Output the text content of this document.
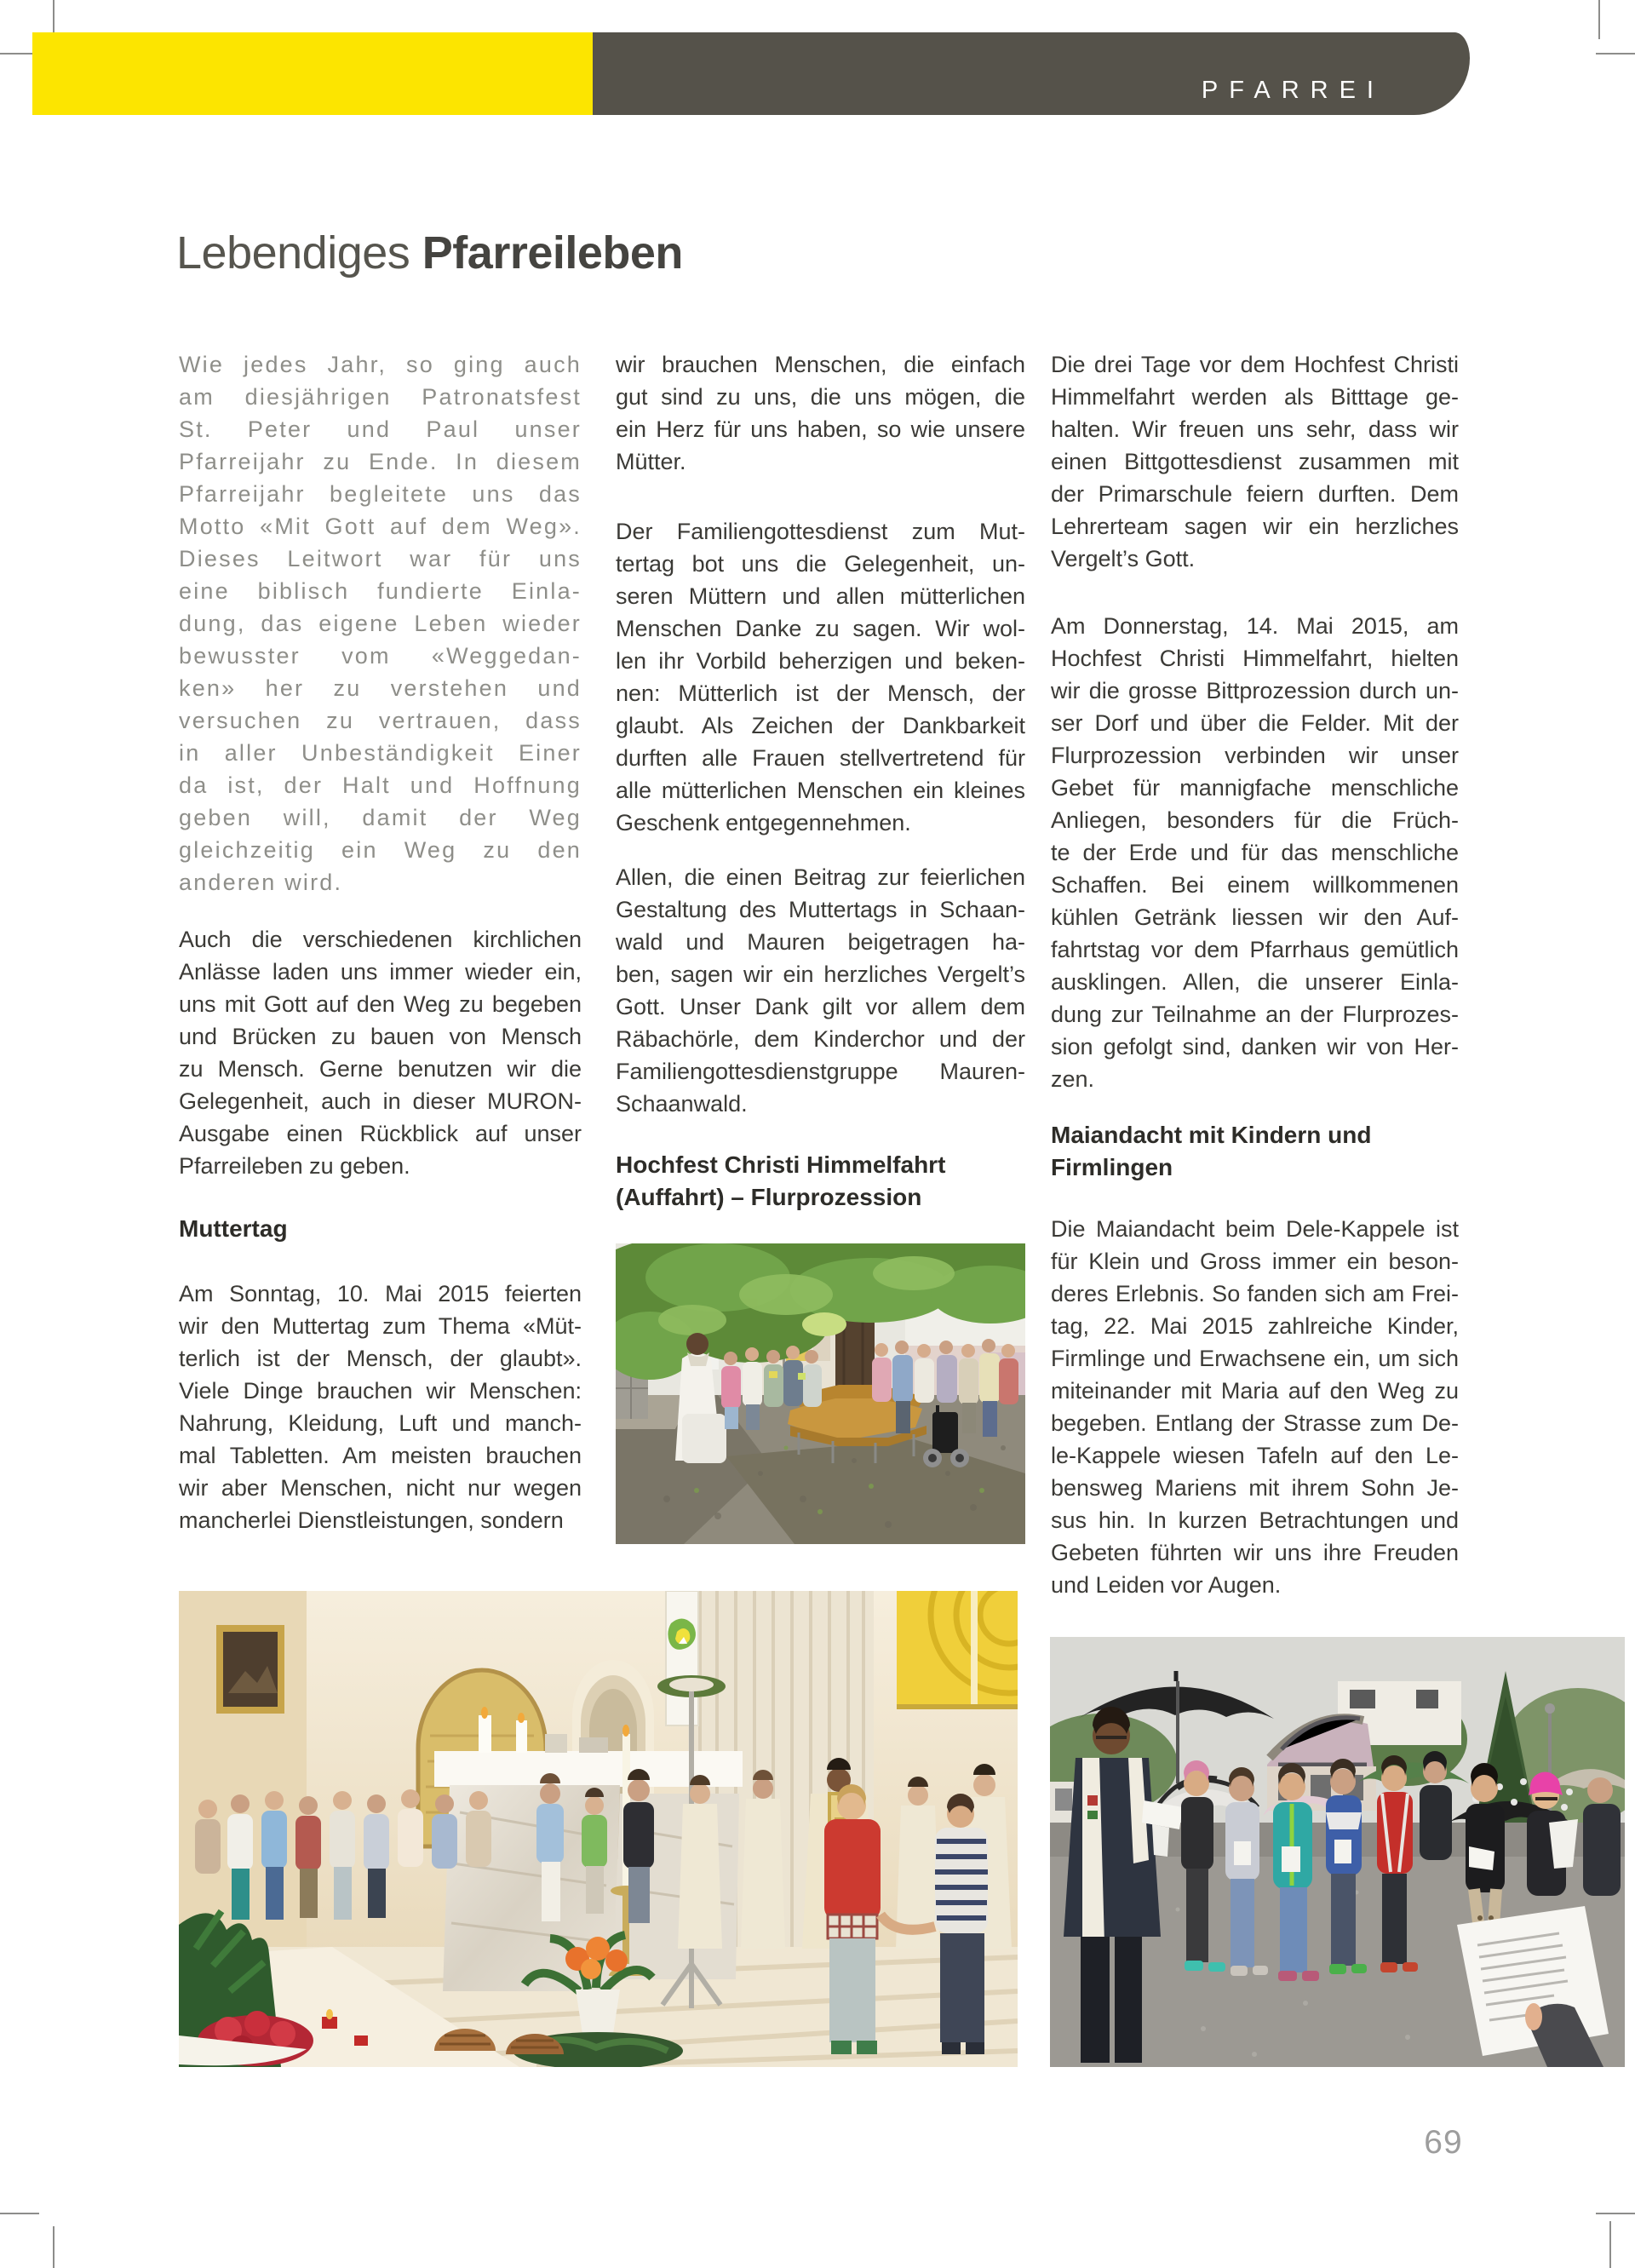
PFARREI
Lebendiges Pfarreileben
Wie jedes Jahr, so ging auch
am diesjährigen Patronatsfest
St. Peter und Paul unser
Pfarreijahr zu Ende. In diesem
Pfarreijahr begleitete uns das
Motto «Mit Gott auf dem Weg».
Dieses Leitwort war für uns
eine biblisch fundierte Einla-
dung, das eigene Leben wieder
bewusster vom «Weggedan-
ken» her zu verstehen und
versuchen zu vertrauen, dass
in aller Unbeständigkeit Einer
da ist, der Halt und Hoffnung
geben will, damit der Weg
gleichzeitig ein Weg zu den
anderen wird.
Auch die verschiedenen kirchlichen
Anlässe laden uns immer wieder ein,
uns mit Gott auf den Weg zu begeben
und Brücken zu bauen von Mensch
zu Mensch. Gerne benutzen wir die
Gelegenheit, auch in dieser MURON-
Ausgabe einen Rückblick auf unser
Pfarreileben zu geben.
Muttertag
Am Sonntag, 10. Mai 2015 feierten
wir den Muttertag zum Thema «Müt-
terlich ist der Mensch, der glaubt».
Viele Dinge brauchen wir Menschen:
Nahrung, Kleidung, Luft und manch-
mal Tabletten. Am meisten brauchen
wir aber Menschen, nicht nur wegen
mancherlei Dienstleistungen, sondern
wir brauchen Menschen, die einfach
gut sind zu uns, die uns mögen, die
ein Herz für uns haben, so wie unsere
Mütter.
Der Familiengottesdienst zum Mut-
tertag bot uns die Gelegenheit, un-
seren Müttern und allen mütterlichen
Menschen Danke zu sagen. Wir wol-
len ihr Vorbild beherzigen und beken-
nen: Mütterlich ist der Mensch, der
glaubt. Als Zeichen der Dankbarkeit
durften alle Frauen stellvertretend für
alle mütterlichen Menschen ein kleines
Geschenk entgegennehmen.
Allen, die einen Beitrag zur feierlichen
Gestaltung des Muttertags in Schaan-
wald und Mauren beigetragen ha-
ben, sagen wir ein herzliches Vergelt’s
Gott. Unser Dank gilt vor allem dem
Räbachörle, dem Kinderchor und der
Familiengottesdienstgruppe Mauren-
Schaanwald.
Hochfest Christi Himmelfahrt
(Auffahrt) – Flurprozession
Die drei Tage vor dem Hochfest Christi
Himmelfahrt werden als Bitttage ge-
halten. Wir freuen uns sehr, dass wir
einen Bittgottesdienst zusammen mit
der Primarschule feiern durften. Dem
Lehrerteam sagen wir ein herzliches
Vergelt’s Gott.
Am Donnerstag, 14. Mai 2015, am
Hochfest Christi Himmelfahrt, hielten
wir die grosse Bittprozession durch un-
ser Dorf und über die Felder. Mit der
Flurprozession verbinden wir unser
Gebet für mannigfache menschliche
Anliegen, besonders für die Früch-
te der Erde und für das menschliche
Schaffen. Bei einem willkommenen
kühlen Getränk liessen wir den Auf-
fahrtstag vor dem Pfarrhaus gemütlich
ausklingen. Allen, die unserer Einla-
dung zur Teilnahme an der Flurprozes-
sion gefolgt sind, danken wir von Her-
zen.
Maiandacht mit Kindern und
Firmlingen
Die Maiandacht beim Dele-Kappele ist
für Klein und Gross immer ein beson-
deres Erlebnis. So fanden sich am Frei-
tag, 22. Mai 2015 zahlreiche Kinder,
Firmlinge und Erwachsene ein, um sich
miteinander mit Maria auf den Weg zu
begeben. Entlang der Strasse zum De-
le-Kappele wiesen Tafeln auf den Le-
bensweg Mariens mit ihrem Sohn Je-
sus hin. In kurzen Betrachtungen und
Gebeten führten wir uns ihre Freuden
und Leiden vor Augen.
69
